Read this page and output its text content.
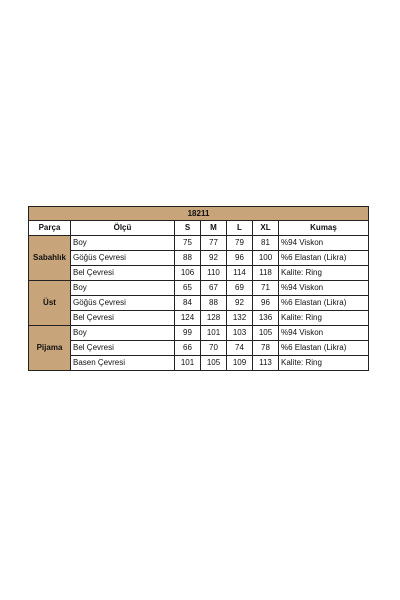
18211						
Parça	Ölçü	S	M	L	XL	Kumaş
Sabahlık	Boy	75	77	79	81	%94 Viskon
	Göğüs Çevresi	88	92	96	100	%6 Elastan (Likra)
	Bel Çevresi	106	110	114	118	Kalite: Ring
Üst	Boy	65	67	69	71	%94 Viskon
	Göğüs Çevresi	84	88	92	96	%6 Elastan (Likra)
	Bel Çevresi	124	128	132	136	Kalite: Ring
Pijama	Boy	99	101	103	105	%94 Viskon
	Bel Çevresi	66	70	74	78	%6 Elastan (Likra)
	Basen Çevresi	101	105	109	113	Kalite: Ring
